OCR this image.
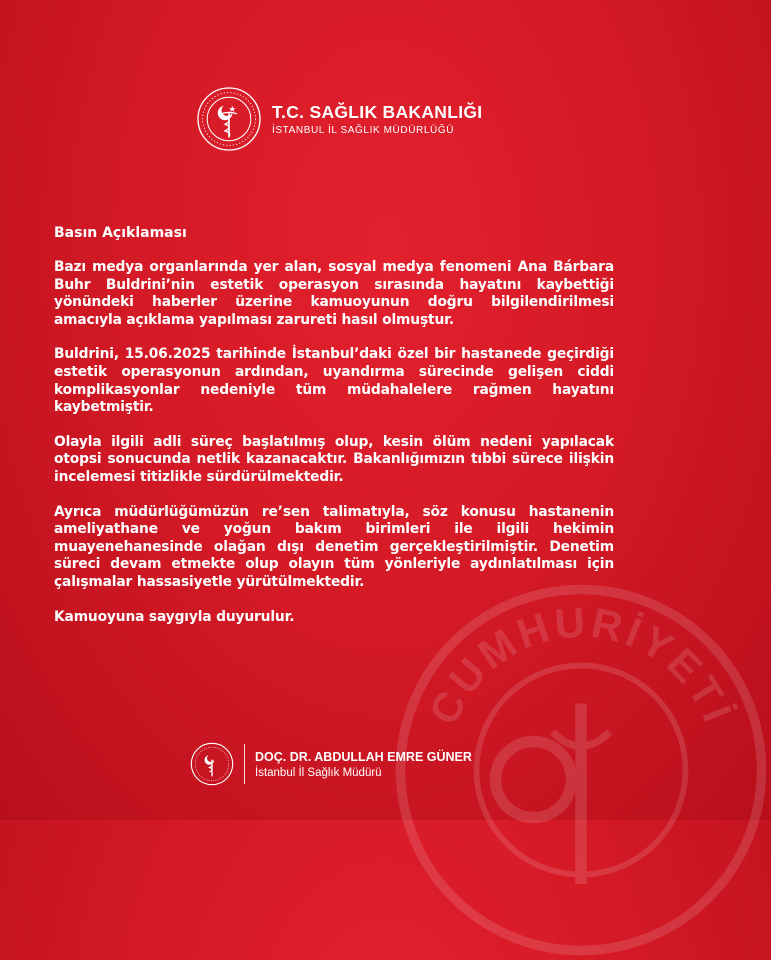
CUMHURİYETİ
T.C. SAĞLIK BAKANLIĞI
İSTANBUL İL SAĞLIK MÜDÜRLÜĞÜ

Basın Açıklaması

Bazı medya organlarında yer alan, sosyal medya fenomeni Ana Bárbara Buhr Buldrini’nin estetik operasyon sırasında hayatını kaybettiği yönündeki haberler üzerine kamuoyunun doğru bilgilendirilmesi amacıyla açıklama yapılması zarureti hasıl olmuştur.

Buldrini, 15.06.2025 tarihinde İstanbul’daki özel bir hastanede geçirdiği estetik operasyonun ardından, uyandırma sürecinde gelişen ciddi komplikasyonlar nedeniyle tüm müdahalelere rağmen hayatını kaybetmiştir.

Olayla ilgili adli süreç başlatılmış olup, kesin ölüm nedeni yapılacak otopsi sonucunda netlik kazanacaktır. Bakanlığımızın tıbbi sürece ilişkin incelemesi titizlikle sürdürülmektedir.

Ayrıca müdürlüğümüzün re’sen talimatıyla, söz konusu hastanenin ameliyathane ve yoğun bakım birimleri ile ilgili hekimin muayenehanesinde olağan dışı denetim gerçekleştirilmiştir. Denetim süreci devam etmekte olup olayın tüm yönleriyle aydınlatılması için çalışmalar hassasiyetle yürütülmektedir.

Kamuoyuna saygıyla duyurulur.

DOÇ. DR. ABDULLAH EMRE GÜNER
İstanbul İl Sağlık Müdürü
